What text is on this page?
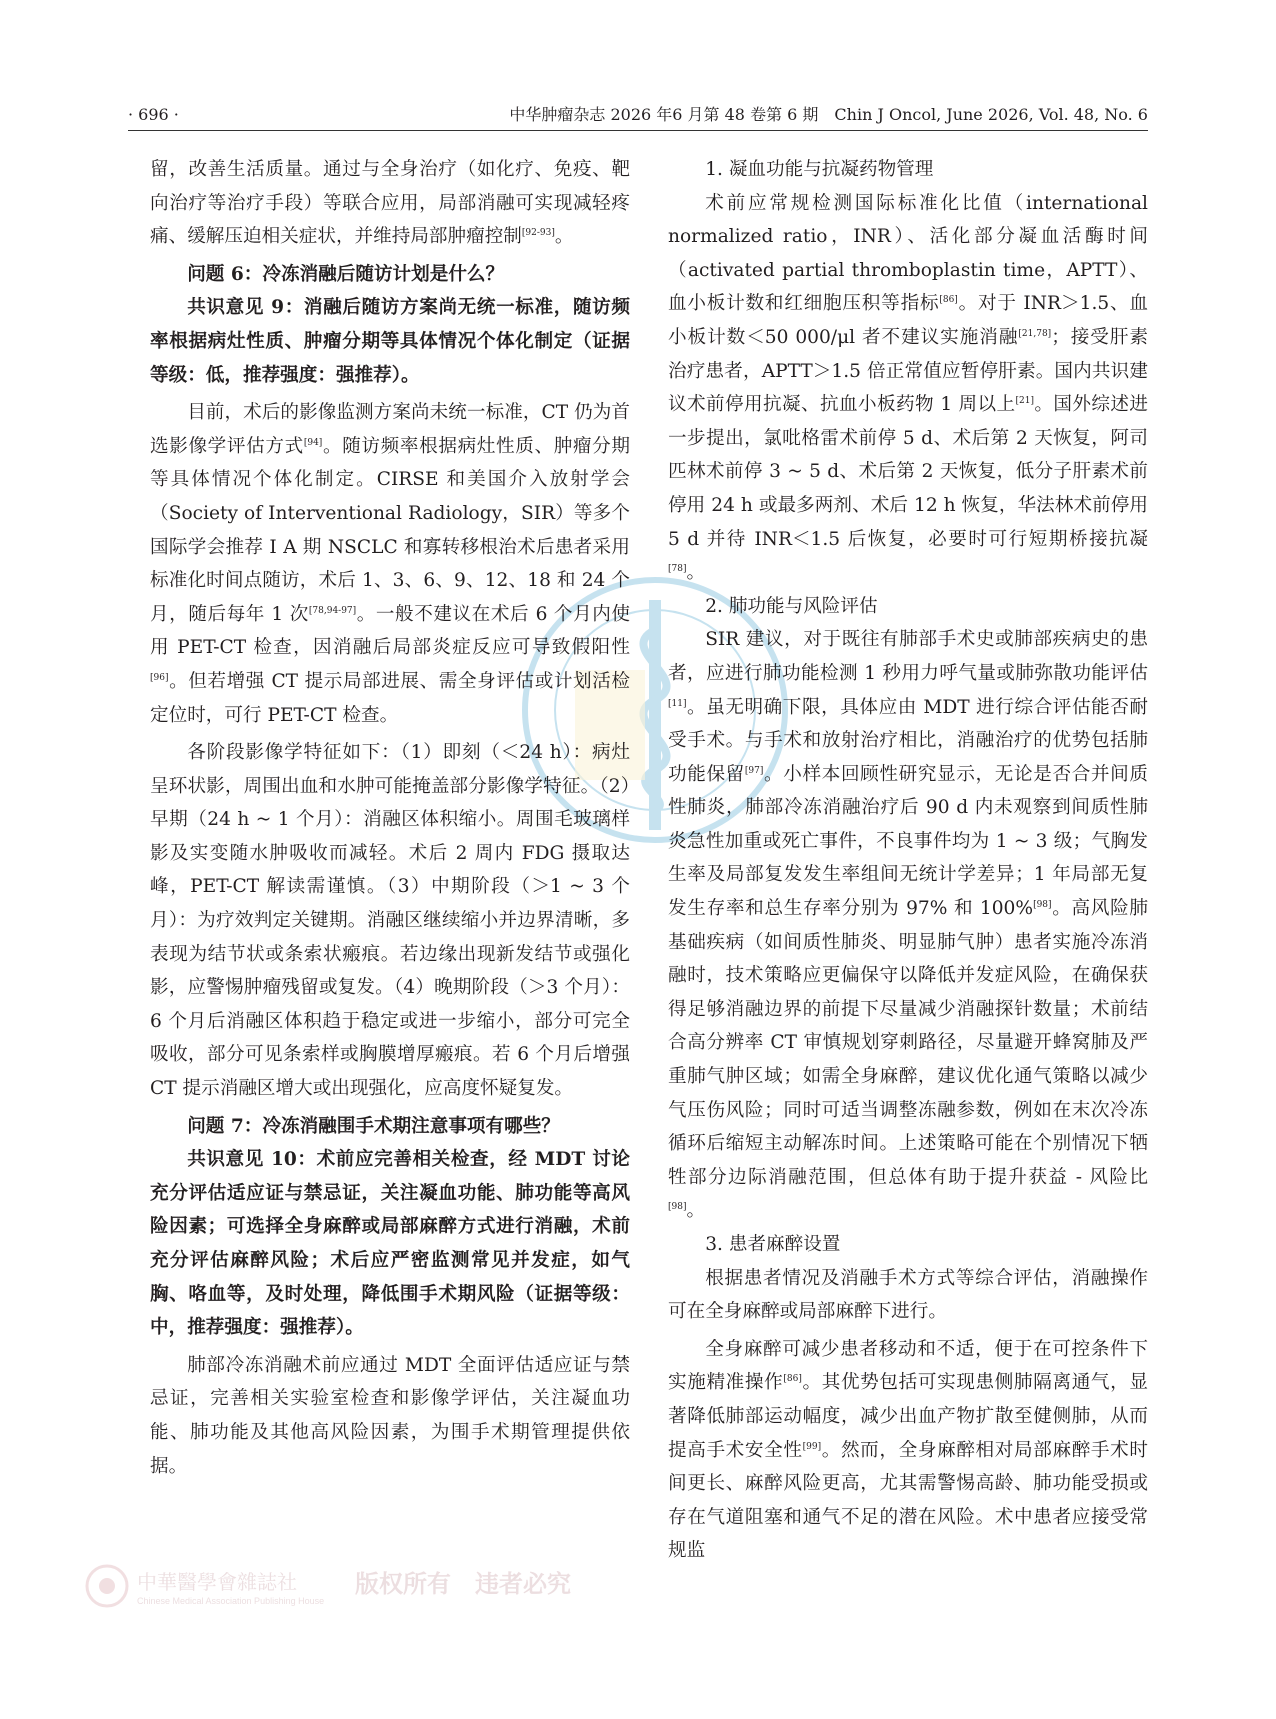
· 696 ·	中华肿瘤杂志 2026 年6 月第 48 卷第 6 期　Chin J Oncol, June 2026, Vol. 48, No. 6

留，改善生活质量。通过与全身治疗（如化疗、免疫、靶向治疗等治疗手段）等联合应用，局部消融可实现减轻疼痛、缓解压迫相关症状，并维持局部肿瘤控制[92-93]。

问题 6：冷冻消融后随访计划是什么？

共识意见 9：消融后随访方案尚无统一标准，随访频率根据病灶性质、肿瘤分期等具体情况个体化制定（证据等级：低，推荐强度：强推荐）。

目前，术后的影像监测方案尚未统一标准，CT 仍为首选影像学评估方式[94]。随访频率根据病灶性质、肿瘤分期等具体情况个体化制定。CIRSE 和美国介入放射学会（Society of Interventional Radiology，SIR）等多个国际学会推荐 Ⅰ A 期 NSCLC 和寡转移根治术后患者采用标准化时间点随访，术后 1、3、6、9、12、18 和 24 个月，随后每年 1 次[78,94-97]。一般不建议在术后 6 个月内使用 PET-CT 检查，因消融后局部炎症反应可导致假阳性[96]。但若增强 CT 提示局部进展、需全身评估或计划活检定位时，可行 PET-CT 检查。

各阶段影像学特征如下：（1）即刻（＜24 h）：病灶呈环状影，周围出血和水肿可能掩盖部分影像学特征。（2）早期（24 h ~ 1 个月）：消融区体积缩小。周围毛玻璃样影及实变随水肿吸收而减轻。术后 2 周内 FDG 摄取达峰，PET-CT 解读需谨慎。（3）中期阶段（＞1 ~ 3 个月）：为疗效判定关键期。消融区继续缩小并边界清晰，多表现为结节状或条索状瘢痕。若边缘出现新发结节或强化影，应警惕肿瘤残留或复发。（4）晚期阶段（＞3 个月）：6 个月后消融区体积趋于稳定或进一步缩小，部分可完全吸收，部分可见条索样或胸膜增厚瘢痕。若 6 个月后增强 CT 提示消融区增大或出现强化，应高度怀疑复发。

问题 7：冷冻消融围手术期注意事项有哪些？

共识意见 10：术前应完善相关检查，经 MDT 讨论充分评估适应证与禁忌证，关注凝血功能、肺功能等高风险因素；可选择全身麻醉或局部麻醉方式进行消融，术前充分评估麻醉风险；术后应严密监测常见并发症，如气胸、咯血等，及时处理，降低围手术期风险（证据等级：中，推荐强度：强推荐）。

肺部冷冻消融术前应通过 MDT 全面评估适应证与禁忌证，完善相关实验室检查和影像学评估，关注凝血功能、肺功能及其他高风险因素，为围手术期管理提供依据。

1. 凝血功能与抗凝药物管理

术前应常规检测国际标准化比值（international normalized ratio，INR）、活化部分凝血活酶时间（activated partial thromboplastin time，APTT）、血小板计数和红细胞压积等指标[86]。对于 INR＞1.5、血小板计数＜50 000/μl 者不建议实施消融[21,78]；接受肝素治疗患者，APTT＞1.5 倍正常值应暂停肝素。国内共识建议术前停用抗凝、抗血小板药物 1 周以上[21]。国外综述进一步提出，氯吡格雷术前停 5 d、术后第 2 天恢复，阿司匹林术前停 3 ~ 5 d、术后第 2 天恢复，低分子肝素术前停用 24 h 或最多两剂、术后 12 h 恢复，华法林术前停用 5 d 并待 INR＜1.5 后恢复，必要时可行短期桥接抗凝[78]。

2. 肺功能与风险评估

SIR 建议，对于既往有肺部手术史或肺部疾病史的患者，应进行肺功能检测 1 秒用力呼气量或肺弥散功能评估[11]。虽无明确下限，具体应由 MDT 进行综合评估能否耐受手术。与手术和放射治疗相比，消融治疗的优势包括肺功能保留[97]。小样本回顾性研究显示，无论是否合并间质性肺炎，肺部冷冻消融治疗后 90 d 内未观察到间质性肺炎急性加重或死亡事件，不良事件均为 1 ~ 3 级；气胸发生率及局部复发发生率组间无统计学差异；1 年局部无复发生存率和总生存率分别为 97% 和 100%[98]。高风险肺基础疾病（如间质性肺炎、明显肺气肿）患者实施冷冻消融时，技术策略应更偏保守以降低并发症风险，在确保获得足够消融边界的前提下尽量减少消融探针数量；术前结合高分辨率 CT 审慎规划穿刺路径，尽量避开蜂窝肺及严重肺气肿区域；如需全身麻醉，建议优化通气策略以减少气压伤风险；同时可适当调整冻融参数，例如在末次冷冻循环后缩短主动解冻时间。上述策略可能在个别情况下牺牲部分边际消融范围，但总体有助于提升获益 - 风险比[98]。

3. 患者麻醉设置

根据患者情况及消融手术方式等综合评估，消融操作可在全身麻醉或局部麻醉下进行。

全身麻醉可减少患者移动和不适，便于在可控条件下实施精准操作[86]。其优势包括可实现患侧肺隔离通气，显著降低肺部运动幅度，减少出血产物扩散至健侧肺，从而提高手术安全性[99]。然而，全身麻醉相对局部麻醉手术时间更长、麻醉风险更高，尤其需警惕高龄、肺功能受损或存在气道阻塞和通气不足的潜在风险。术中患者应接受常规监

中華醫學會雜誌社
Chinese Medical Association Publishing House
版权所有　违者必究
